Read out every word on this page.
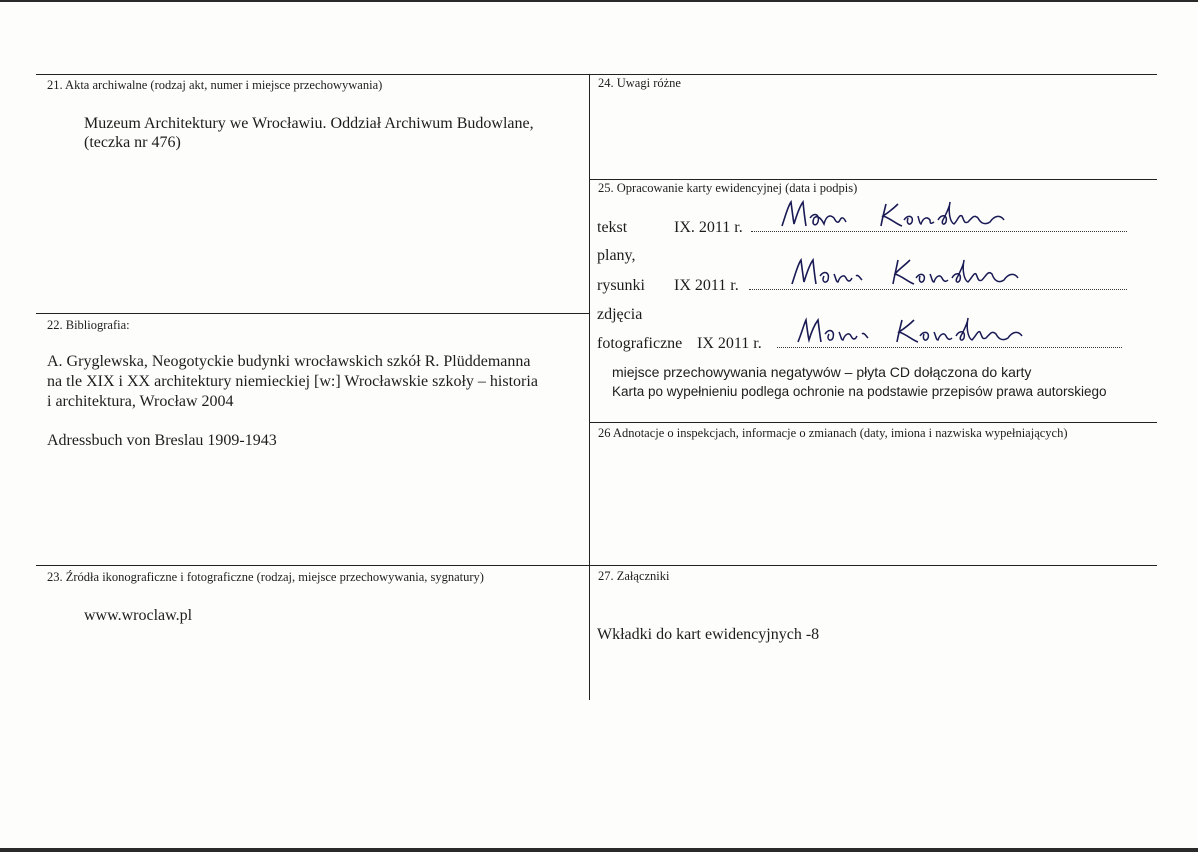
21. Akta archiwalne (rodzaj akt, numer i miejsce przechowywania)
Muzeum Architektury we Wrocławiu. Oddział Archiwum Budowlane,
(teczka nr 476)
22. Bibliografia:
A. Gryglewska, Neogotyckie budynki wrocławskich szkół R. Plüddemanna
na tle XIX i XX architektury niemieckiej [w:] Wrocławskie szkoły – historia
i architektura, Wrocław 2004
Adressbuch von Breslau 1909-1943
23. Źródła ikonograficzne i fotograficzne (rodzaj, miejsce przechowywania, sygnatury)
www.wroclaw.pl
24. Uwagi różne
25. Opracowanie karty ewidencyjnej (data i podpis)
tekst	IX. 2011 r.
plany,
rysunki IX 2011 r.
zdjęcia
fotograficzne IX 2011 r.
miejsce przechowywania negatywów – płyta CD dołączona do karty
Karta po wypełnieniu podlega ochronie na podstawie przepisów prawa autorskiego
26 Adnotacje o inspekcjach, informacje o zmianach (daty, imiona i nazwiska wypełniających)
27. Załączniki
Wkładki do kart ewidencyjnych -8
